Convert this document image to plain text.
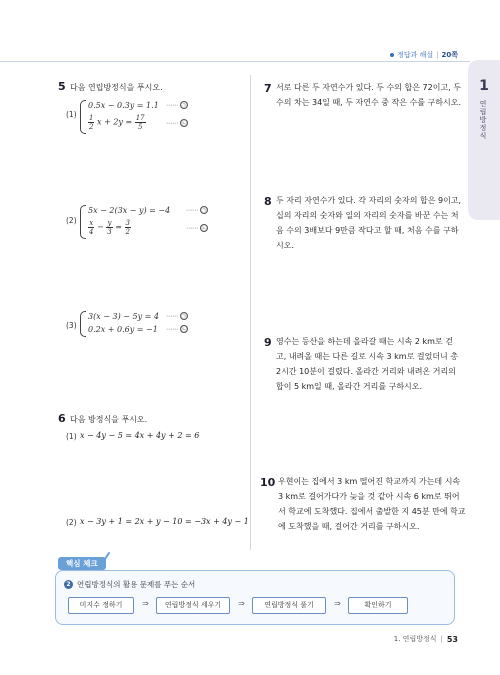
정답과 해설 | 20쪽
1
연립방정식
5 다음 연립방정식을 푸시오.
(1)
0.5x − 0.3y = 1.1
$\frac{1}{2}$ $x + 2y = \frac{17}{5}$
⋯⋯ ㉠
⋯⋯ ㉡
(2)
5x − 2(3x − y) = −4
$\frac{x}{4} - \frac{y}{3} = \frac{3}{2}$
⋯⋯ ㉠
⋯⋯ ㉡
(3)
3(x − 3) − 5y = 4
0.2x + 0.6y = −1
⋯⋯ ㉠
⋯⋯ ㉡
6 다음 방정식을 푸시오.
(1) x − 4y − 5 = 4x + 4y + 2 = 6
(2) x − 3y + 1 = 2x + y − 10 = −3x + 4y − 1
7 서로 다른 두 자연수가 있다. 두 수의 합은 72이고, 두
수의 차는 34일 때, 두 자연수 중 작은 수를 구하시오.
8 두 자리 자연수가 있다. 각 자리의 숫자의 합은 9이고,
십의 자리의 숫자와 일의 자리의 숫자를 바꾼 수는 처
음 수의 3배보다 9만큼 작다고 할 때, 처음 수를 구하
시오.
9 영수는 등산을 하는데 올라갈 때는 시속 2 km로 걷
고, 내려올 때는 다른 길로 시속 3 km로 걸었더니 총
2시간 10분이 걸렸다. 올라간 거리와 내려온 거리의
합이 5 km일 때, 올라간 거리를 구하시오.
10 우현이는 집에서 3 km 떨어진 학교까지 가는데 시속
3 km로 걸어가다가 늦을 것 같아 시속 6 km로 뛰어
서 학교에 도착했다. 집에서 출발한 지 45분 만에 학교
에 도착했을 때, 걸어간 거리를 구하시오.
핵심 체크
2 연립방정식의 활용 문제를 푸는 순서
미지수 정하기	⇒	연립방정식 세우기	⇒	연립방정식 풀기	⇒	확인하기
1. 연립방정식 | 53
